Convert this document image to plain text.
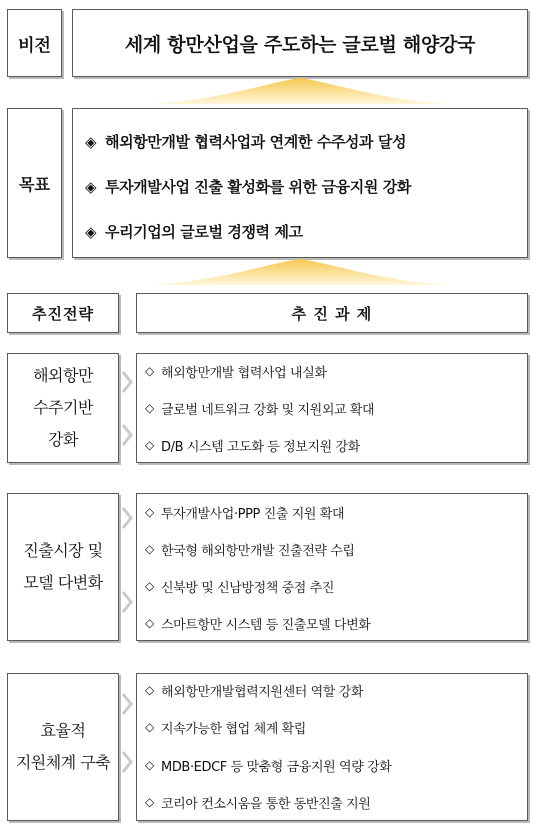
비전	세계 항만산업을 주도하는 글로벌 해양강국
목표
◈ 해외항만개발 협력사업과 연계한 수주성과 달성
◈ 투자개발사업 진출 활성화를 위한 금융지원 강화
◈ 우리기업의 글로벌 경쟁력 제고
추진전략	추 진 과 제
해외항만
수주기반
강화
◇ 해외항만개발 협력사업 내실화
◇ 글로벌 네트워크 강화 및 지원외교 확대
◇ D/B 시스템 고도화 등 정보지원 강화
진출시장 및
모델 다변화
◇ 투자개발사업·PPP 진출 지원 확대
◇ 한국형 해외항만개발 진출전략 수립
◇ 신북방 및 신남방정책 중점 추진
◇ 스마트항만 시스템 등 진출모델 다변화
효율적
지원체계 구축
◇ 해외항만개발협력지원센터 역할 강화
◇ 지속가능한 협업 체계 확립
◇ MDB·EDCF 등 맞춤형 금융지원 역량 강화
◇ 코리아 컨소시움을 통한 동반진출 지원
